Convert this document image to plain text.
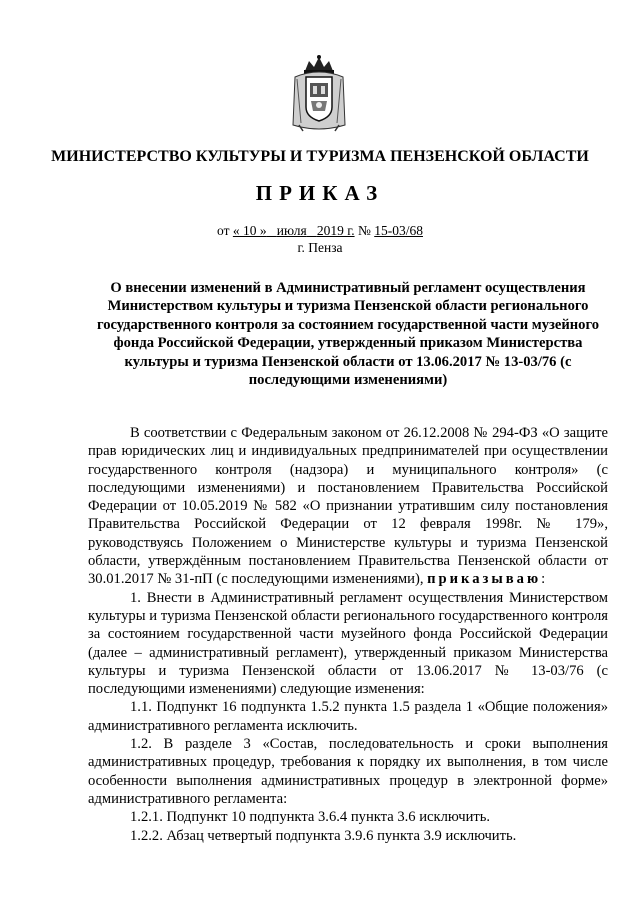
МИНИСТЕРСТВО КУЛЬТУРЫ И ТУРИЗМА ПЕНЗЕНСКОЙ ОБЛАСТИ
ПРИКАЗ
от « 10 » июля 2019 г. № 15-03/68
г. Пенза
О внесении изменений в Административный регламент осуществления Министерством культуры и туризма Пензенской области регионального государственного контроля за состоянием государственной части музейного фонда Российской Федерации, утвержденный приказом Министерства культуры и туризма Пензенской области от 13.06.2017 № 13-03/76 (с последующими изменениями)

В соответствии с Федеральным законом от 26.12.2008 № 294-ФЗ «О защите прав юридических лиц и индивидуальных предпринимателей при осуществлении государственного контроля (надзора) и муниципального контроля» (с последующими изменениями) и постановлением Правительства Российской Федерации от 10.05.2019 № 582 «О признании утратившим силу постановления Правительства Российской Федерации от 12 февраля 1998г. № 179», руководствуясь Положением о Министерстве культуры и туризма Пензенской области, утверждённым постановлением Правительства Пензенской области от 30.01.2017 № 31-пП (с последующими изменениями), приказываю:

1. Внести в Административный регламент осуществления Министерством культуры и туризма Пензенской области регионального государственного контроля за состоянием государственной части музейного фонда Российской Федерации (далее – административный регламент), утвержденный приказом Министерства культуры и туризма Пензенской области от 13.06.2017 № 13-03/76 (с последующими изменениями) следующие изменения:

1.1. Подпункт 16 подпункта 1.5.2 пункта 1.5 раздела 1 «Общие положения» административного регламента исключить.

1.2. В разделе 3 «Состав, последовательность и сроки выполнения административных процедур, требования к порядку их выполнения, в том числе особенности выполнения административных процедур в электронной форме» административного регламента:

1.2.1. Подпункт 10 подпункта 3.6.4 пункта 3.6 исключить.

1.2.2. Абзац четвертый подпункта 3.9.6 пункта 3.9 исключить.
